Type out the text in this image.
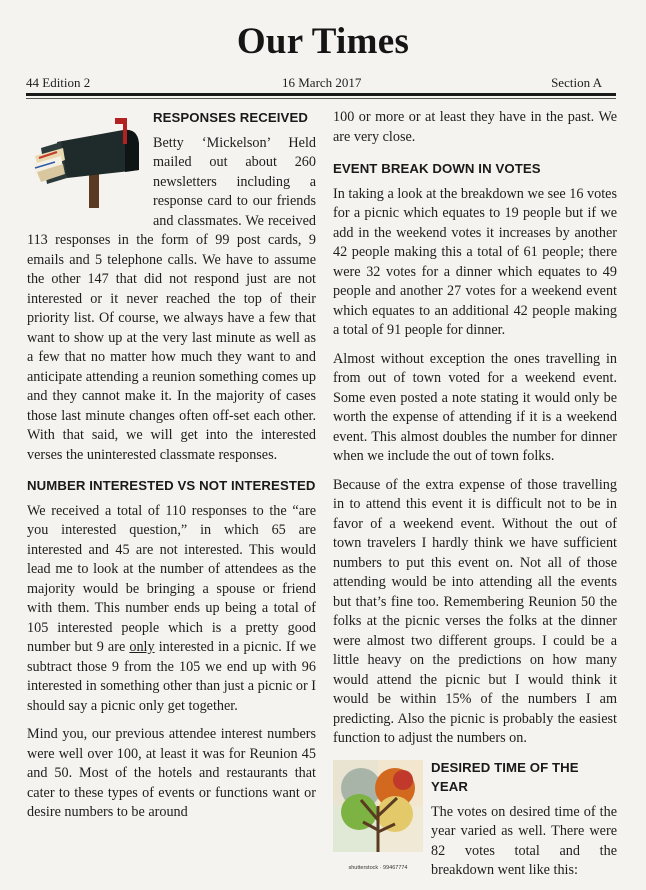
Our Times
44 Edition 2	16 March 2017	Section A
RESPONSES RECEIVED

Betty ‘Mickelson’ Held mailed out about 260 newsletters including a response card to our friends and classmates. We received 113 responses in the form of 99 post cards, 9 emails and 5 telephone calls. We have to assume the other 147 that did not respond just are not interested or it never reached the top of their priority list. Of course, we always have a few that want to show up at the very last minute as well as a few that no matter how much they want to and anticipate attending a reunion something comes up and they cannot make it. In the majority of cases those last minute changes often off-set each other. With that said, we will get into the interested verses the uninterested classmate responses.

NUMBER INTERESTED VS NOT INTERESTED

We received a total of 110 responses to the “are you interested question,” in which 65 are interested and 45 are not interested. This would lead me to look at the number of attendees as the majority would be bringing a spouse or friend with them. This number ends up being a total of 105 interested people which is a pretty good number but 9 are only interested in a picnic. If we subtract those 9 from the 105 we end up with 96 interested in something other than just a picnic or I should say a picnic only get together.

Mind you, our previous attendee interest numbers were well over 100, at least it was for Reunion 45 and 50. Most of the hotels and restaurants that cater to these types of events or functions want or desire numbers to be around

100 or more or at least they have in the past. We are very close.

EVENT BREAK DOWN IN VOTES

In taking a look at the breakdown we see 16 votes for a picnic which equates to 19 people but if we add in the weekend votes it increases by another 42 people making this a total of 61 people; there were 32 votes for a dinner which equates to 49 people and another 27 votes for a weekend event which equates to an additional 42 people making a total of 91 people for dinner.

Almost without exception the ones travelling in from out of town voted for a weekend event. Some even posted a note stating it would only be worth the expense of attending if it is a weekend event. This almost doubles the number for dinner when we include the out of town folks.

Because of the extra expense of those travelling in to attend this event it is difficult not to be in favor of a weekend event. Without the out of town travelers I hardly think we have sufficient numbers to put this event on. Not all of those attending would be into attending all the events but that’s fine too. Remembering Reunion 50 the folks at the picnic verses the folks at the dinner were almost two different groups. I could be a little heavy on the predictions on how many would attend the picnic but I would think it would be within 15% of the numbers I am predicting. Also the picnic is probably the easiest function to adjust the numbers on.

shutterstock · 99467774
DESIRED TIME OF THE YEAR

The votes on desired time of the year varied as well. There were 82 votes total and the breakdown went like this:
